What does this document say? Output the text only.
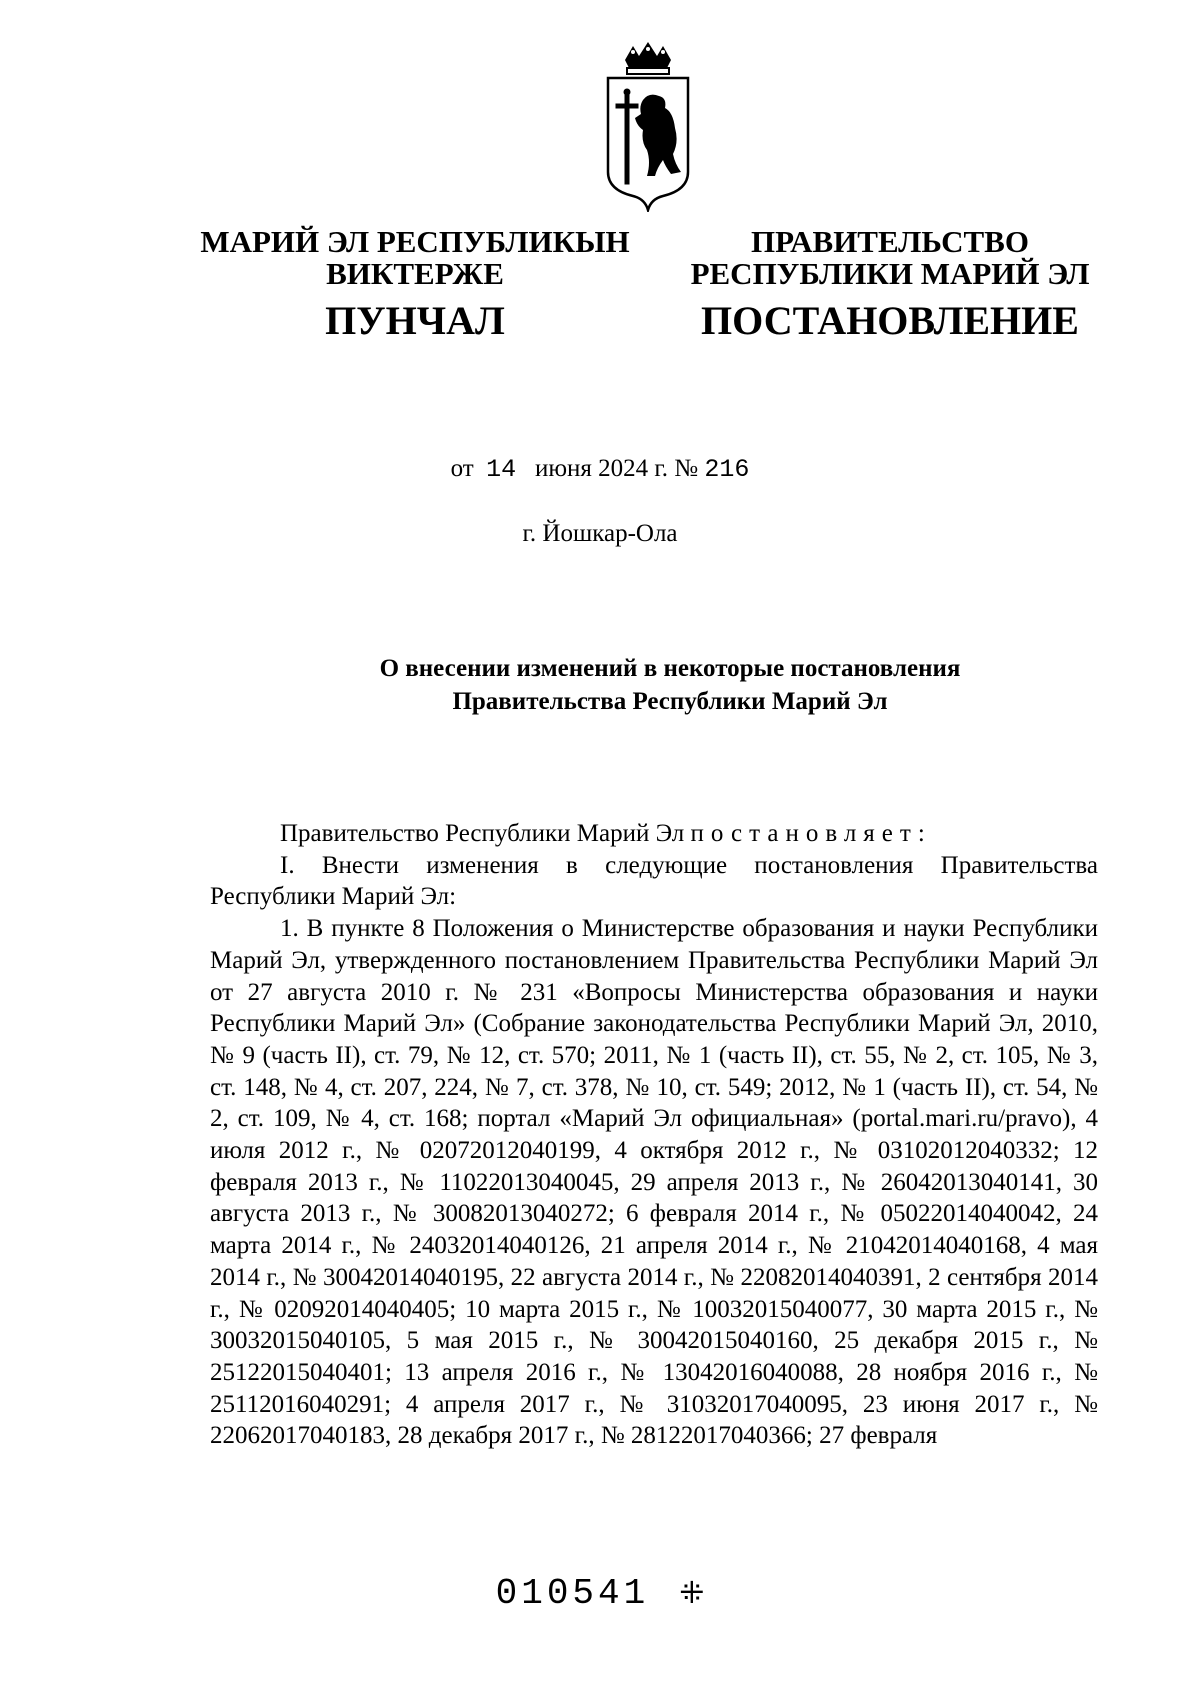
МАРИЙ ЭЛ РЕСПУБЛИКЫН
ВИКТЕРЖЕ
ПУНЧАЛ
ПРАВИТЕЛЬСТВО
РЕСПУБЛИКИ МАРИЙ ЭЛ
ПОСТАНОВЛЕНИЕ
от 14 июня 2024 г. № 216
г. Йошкар-Ола
О внесении изменений в некоторые постановления
Правительства Республики Марий Эл
Правительство Республики Марий Эл постановляет:
I. Внести изменения в следующие постановления Правительства Республики Марий Эл:
1. В пункте 8 Положения о Министерстве образования и науки Республики Марий Эл, утвержденного постановлением Правительства Республики Марий Эл от 27 августа 2010 г. № 231 «Вопросы Министерства образования и науки Республики Марий Эл» (Собрание законодательства Республики Марий Эл, 2010, № 9 (часть II), ст. 79, № 12, ст. 570; 2011, № 1 (часть II), ст. 55, № 2, ст. 105, № 3, ст. 148, № 4, ст. 207, 224, № 7, ст. 378, № 10, ст. 549; 2012, № 1 (часть II), ст. 54, № 2, ст. 109, № 4, ст. 168; портал «Марий Эл официальная» (portal.mari.ru/pravo), 4 июля 2012 г., № 02072012040199, 4 октября 2012 г., № 03102012040332; 12 февраля 2013 г., № 11022013040045, 29 апреля 2013 г., № 26042013040141, 30 августа 2013 г., № 30082013040272; 6 февраля 2014 г., № 05022014040042, 24 марта 2014 г., № 24032014040126, 21 апреля 2014 г., № 21042014040168, 4 мая 2014 г., № 30042014040195, 22 августа 2014 г., № 22082014040391, 2 сентября 2014 г., № 02092014040405; 10 марта 2015 г., № 10032015040077, 30 марта 2015 г., № 30032015040105, 5 мая 2015 г., № 30042015040160, 25 декабря 2015 г., № 25122015040401; 13 апреля 2016 г., № 13042016040088, 28 ноября 2016 г., № 25112016040291; 4 апреля 2017 г., № 31032017040095, 23 июня 2017 г., № 22062017040183, 28 декабря 2017 г., № 28122017040366; 27 февраля
010541 ⁜
